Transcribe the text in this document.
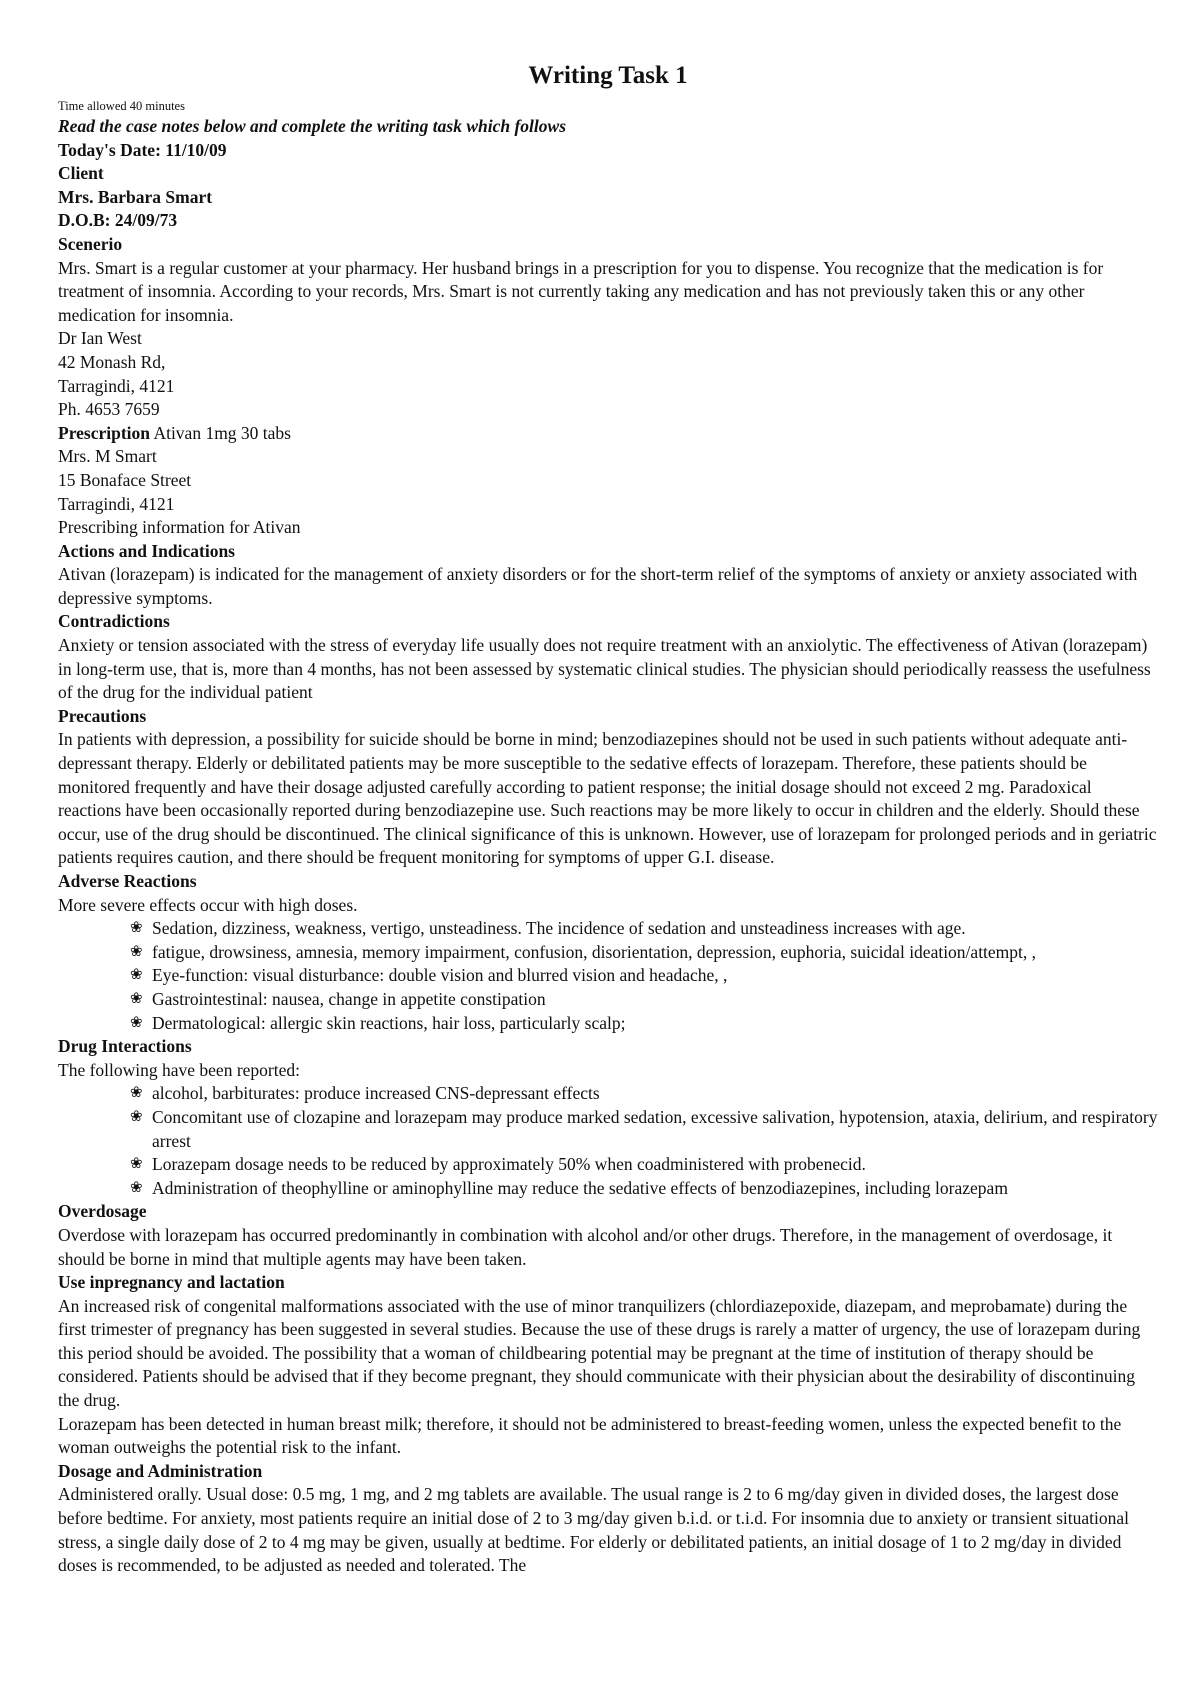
Writing Task 1
Time allowed 40 minutes
Read the case notes below and complete the writing task which follows
Today's Date: 11/10/09
Client
Mrs. Barbara Smart
D.O.B: 24/09/73
Scenerio

Mrs. Smart is a regular customer at your pharmacy. Her husband brings in a prescription for you to dispense. You recognize that the medication is for treatment of insomnia. According to your records, Mrs. Smart is not currently taking any medication and has not previously taken this or any other medication for insomnia.

Dr Ian West
42 Monash Rd,
Tarragindi, 4121
Ph. 4653 7659
Prescription Ativan 1mg 30 tabs
Mrs. M Smart
15 Bonaface Street
Tarragindi, 4121
Prescribing information for Ativan
Actions and Indications

Ativan (lorazepam) is indicated for the management of anxiety disorders or for the short-term relief of the symptoms of anxiety or anxiety associated with depressive symptoms.

Contradictions

Anxiety or tension associated with the stress of everyday life usually does not require treatment with an anxiolytic. The effectiveness of Ativan (lorazepam) in long-term use, that is, more than 4 months, has not been assessed by systematic clinical studies. The physician should periodically reassess the usefulness of the drug for the individual patient

Precautions

In patients with depression, a possibility for suicide should be borne in mind; benzodiazepines should not be used in such patients without adequate anti-depressant therapy. Elderly or debilitated patients may be more susceptible to the sedative effects of lorazepam. Therefore, these patients should be monitored frequently and have their dosage adjusted carefully according to patient response; the initial dosage should not exceed 2 mg. Paradoxical reactions have been occasionally reported during benzodiazepine use. Such reactions may be more likely to occur in children and the elderly. Should these occur, use of the drug should be discontinued. The clinical significance of this is unknown. However, use of lorazepam for prolonged periods and in geriatric patients requires caution, and there should be frequent monitoring for symptoms of upper G.I. disease.

Adverse Reactions
More severe effects occur with high doses.
❀ Sedation, dizziness, weakness, vertigo, unsteadiness. The incidence of sedation and unsteadiness increases with age.
❀ fatigue, drowsiness, amnesia, memory impairment, confusion, disorientation, depression, euphoria, suicidal ideation/attempt, ,
❀ Eye-function: visual disturbance: double vision and blurred vision and headache, ,
❀ Gastrointestinal: nausea, change in appetite constipation
❀ Dermatological: allergic skin reactions, hair loss, particularly scalp;
Drug Interactions
The following have been reported:
❀ alcohol, barbiturates: produce increased CNS-depressant effects
❀ Concomitant use of clozapine and lorazepam may produce marked sedation, excessive salivation, hypotension, ataxia, delirium, and respiratory arrest
❀ Lorazepam dosage needs to be reduced by approximately 50% when coadministered with probenecid.
❀ Administration of theophylline or aminophylline may reduce the sedative effects of benzodiazepines, including lorazepam
Overdosage

Overdose with lorazepam has occurred predominantly in combination with alcohol and/or other drugs. Therefore, in the management of overdosage, it should be borne in mind that multiple agents may have been taken.

Use inpregnancy and lactation

An increased risk of congenital malformations associated with the use of minor tranquilizers (chlordiazepoxide, diazepam, and meprobamate) during the first trimester of pregnancy has been suggested in several studies. Because the use of these drugs is rarely a matter of urgency, the use of lorazepam during this period should be avoided. The possibility that a woman of childbearing potential may be pregnant at the time of institution of therapy should be considered. Patients should be advised that if they become pregnant, they should communicate with their physician about the desirability of discontinuing the drug.

Lorazepam has been detected in human breast milk; therefore, it should not be administered to breast-feeding women, unless the expected benefit to the woman outweighs the potential risk to the infant.

Dosage and Administration

Administered orally. Usual dose: 0.5 mg, 1 mg, and 2 mg tablets are available. The usual range is 2 to 6 mg/day given in divided doses, the largest dose before bedtime. For anxiety, most patients require an initial dose of 2 to 3 mg/day given b.i.d. or t.i.d. For insomnia due to anxiety or transient situational stress, a single daily dose of 2 to 4 mg may be given, usually at bedtime. For elderly or debilitated patients, an initial dosage of 1 to 2 mg/day in divided doses is recommended, to be adjusted as needed and tolerated. The
